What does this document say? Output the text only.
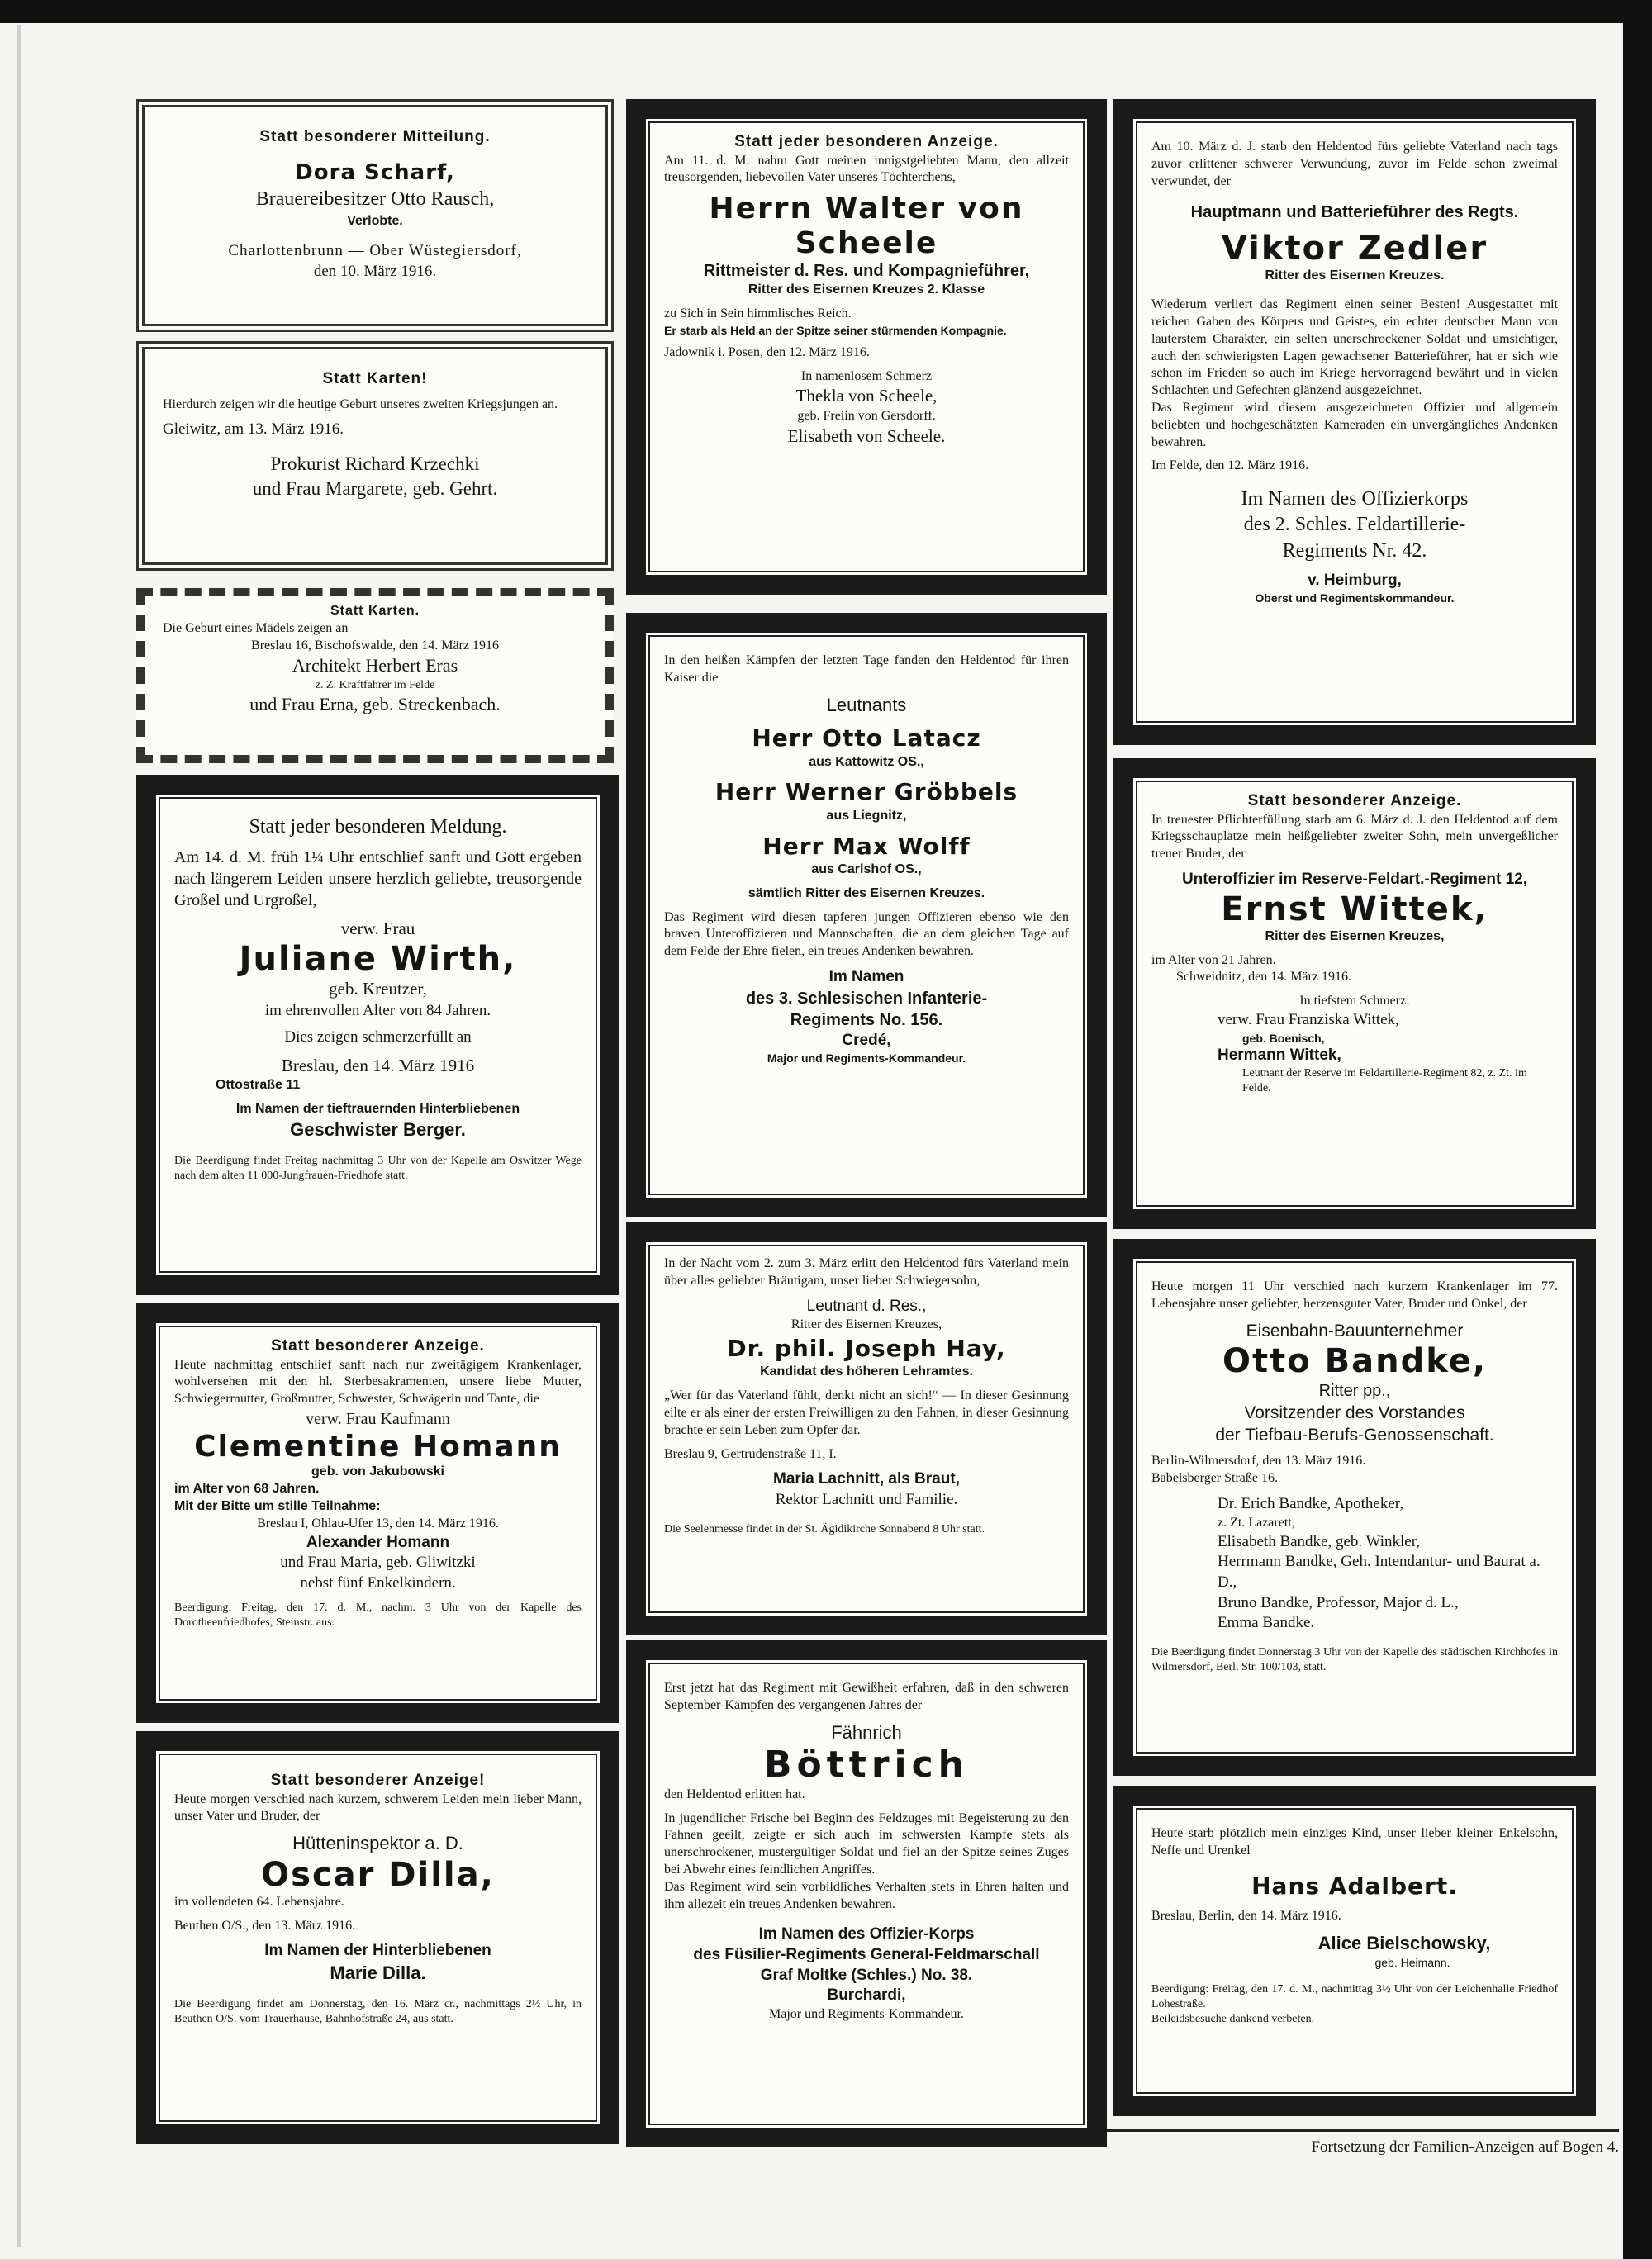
Statt besonderer Mitteilung.

Dora Scharf,

Brauereibesitzer Otto Rausch,

Verlobte.

Charlottenbrunn — Ober Wüstegiersdorf,

den 10. März 1916.

Statt Karten!

Hierdurch zeigen wir die heutige Geburt unseres zweiten Kriegsjungen an.

Gleiwitz, am 13. März 1916.

Prokurist Richard Krzechki

und Frau Margarete, geb. Gehrt.

Statt Karten.

Die Geburt eines Mädels zeigen an

Breslau 16, Bischofswalde, den 14. März 1916

Architekt Herbert Eras

z. Z. Kraftfahrer im Felde

und Frau Erna, geb. Streckenbach.

Statt jeder besonderen Meldung.

Am 14. d. M. früh 1¼ Uhr entschlief sanft und Gott ergeben nach längerem Leiden unsere herzlich geliebte, treusorgende Großel und Urgroßel,

verw. Frau

Juliane Wirth,

geb. Kreutzer,

im ehrenvollen Alter von 84 Jahren.

Dies zeigen schmerzerfüllt an

Breslau, den 14. März 1916

Ottostraße 11

Im Namen der tieftrauernden Hinterbliebenen

Geschwister Berger.

Die Beerdigung findet Freitag nachmittag 3 Uhr von der Kapelle am Oswitzer Wege nach dem alten 11 000-Jungfrauen-Friedhofe statt.

Statt besonderer Anzeige.

Heute nachmittag entschlief sanft nach nur zweitägigem Krankenlager, wohlversehen mit den hl. Sterbesakramenten, unsere liebe Mutter, Schwiegermutter, Großmutter, Schwester, Schwägerin und Tante, die

verw. Frau Kaufmann

Clementine Homann

geb. von Jakubowski

im Alter von 68 Jahren.

Mit der Bitte um stille Teilnahme:

Breslau I, Ohlau-Ufer 13, den 14. März 1916.

Alexander Homann

und Frau Maria, geb. Gliwitzki

nebst fünf Enkelkindern.

Beerdigung: Freitag, den 17. d. M., nachm. 3 Uhr von der Kapelle des Dorotheenfriedhofes, Steinstr. aus.

Statt besonderer Anzeige!

Heute morgen verschied nach kurzem, schwerem Leiden mein lieber Mann, unser Vater und Bruder, der

Hütteninspektor a. D.

Oscar Dilla,

im vollendeten 64. Lebensjahre.

Beuthen O/S., den 13. März 1916.

Im Namen der Hinterbliebenen

Marie Dilla.

Die Beerdigung findet am Donnerstag, den 16. März cr., nachmittags 2½ Uhr, in Beuthen O/S. vom Trauerhause, Bahnhofstraße 24, aus statt.

Statt jeder besonderen Anzeige.

Am 11. d. M. nahm Gott meinen innigstgeliebten Mann, den allzeit treusorgenden, liebevollen Vater unseres Töchterchens,

Herrn Walter von Scheele

Rittmeister d. Res. und Kompagnieführer,

Ritter des Eisernen Kreuzes 2. Klasse

zu Sich in Sein himmlisches Reich.

Er starb als Held an der Spitze seiner stürmenden Kompagnie.

Jadownik i. Posen, den 12. März 1916.

In namenlosem Schmerz

Thekla von Scheele,

geb. Freiin von Gersdorff.

Elisabeth von Scheele.

In den heißen Kämpfen der letzten Tage fanden den Heldentod für ihren Kaiser die

Leutnants

Herr Otto Latacz

aus Kattowitz OS.,

Herr Werner Gröbbels

aus Liegnitz,

Herr Max Wolff

aus Carlshof OS.,

sämtlich Ritter des Eisernen Kreuzes.

Das Regiment wird diesen tapferen jungen Offizieren ebenso wie den braven Unteroffizieren und Mannschaften, die an dem gleichen Tage auf dem Felde der Ehre fielen, ein treues Andenken bewahren.

Im Namen

des 3. Schlesischen Infanterie-

Regiments No. 156.

Credé,

Major und Regiments-Kommandeur.

In der Nacht vom 2. zum 3. März erlitt den Heldentod fürs Vaterland mein über alles geliebter Bräutigam, unser lieber Schwiegersohn,

Leutnant d. Res.,

Ritter des Eisernen Kreuzes,

Dr. phil. Joseph Hay,

Kandidat des höheren Lehramtes.

„Wer für das Vaterland fühlt, denkt nicht an sich!“ — In dieser Gesinnung eilte er als einer der ersten Freiwilligen zu den Fahnen, in dieser Gesinnung brachte er sein Leben zum Opfer dar.

Breslau 9, Gertrudenstraße 11, I.

Maria Lachnitt, als Braut,

Rektor Lachnitt und Familie.

Die Seelenmesse findet in der St. Ägidikirche Sonnabend 8 Uhr statt.

Erst jetzt hat das Regiment mit Gewißheit erfahren, daß in den schweren September-Kämpfen des vergangenen Jahres der

Fähnrich

Böttrich

den Heldentod erlitten hat.

In jugendlicher Frische bei Beginn des Feldzuges mit Begeisterung zu den Fahnen geeilt, zeigte er sich auch im schwersten Kampfe stets als unerschrockener, mustergültiger Soldat und fiel an der Spitze seines Zuges bei Abwehr eines feindlichen Angriffes.

Das Regiment wird sein vorbildliches Verhalten stets in Ehren halten und ihm allezeit ein treues Andenken bewahren.

Im Namen des Offizier-Korps

des Füsilier-Regiments General-Feldmarschall

Graf Moltke (Schles.) No. 38.

Burchardi,

Major und Regiments-Kommandeur.

Am 10. März d. J. starb den Heldentod fürs geliebte Vaterland nach tags zuvor erlittener schwerer Verwundung, zuvor im Felde schon zweimal verwundet, der

Hauptmann und Batterieführer des Regts.

Viktor Zedler

Ritter des Eisernen Kreuzes.

Wiederum verliert das Regiment einen seiner Besten! Ausgestattet mit reichen Gaben des Körpers und Geistes, ein echter deutscher Mann von lauterstem Charakter, ein selten unerschrockener Soldat und umsichtiger, auch den schwierigsten Lagen gewachsener Batterieführer, hat er sich wie schon im Frieden so auch im Kriege hervorragend bewährt und in vielen Schlachten und Gefechten glänzend ausgezeichnet.

Das Regiment wird diesem ausgezeichneten Offizier und allgemein beliebten und hochgeschätzten Kameraden ein unvergängliches Andenken bewahren.

Im Felde, den 12. März 1916.

Im Namen des Offizierkorps

des 2. Schles. Feldartillerie-

Regiments Nr. 42.

v. Heimburg,

Oberst und Regimentskommandeur.

Statt besonderer Anzeige.

In treuester Pflichterfüllung starb am 6. März d. J. den Heldentod auf dem Kriegsschauplatze mein heißgeliebter zweiter Sohn, mein unvergeßlicher treuer Bruder, der

Unteroffizier im Reserve-Feldart.-Regiment 12,

Ernst Wittek,

Ritter des Eisernen Kreuzes,

im Alter von 21 Jahren.

Schweidnitz, den 14. März 1916.

In tiefstem Schmerz:

verw. Frau Franziska Wittek,

geb. Boenisch,

Hermann Wittek,

Leutnant der Reserve im Feldartillerie-Regiment 82, z. Zt. im Felde.

Heute morgen 11 Uhr verschied nach kurzem Krankenlager im 77. Lebensjahre unser geliebter, herzensguter Vater, Bruder und Onkel, der

Eisenbahn-Bauunternehmer

Otto Bandke,

Ritter pp.,

Vorsitzender des Vorstandes

der Tiefbau-Berufs-Genossenschaft.

Berlin-Wilmersdorf, den 13. März 1916.

Babelsberger Straße 16.

Dr. Erich Bandke, Apotheker,

z. Zt. Lazarett,

Elisabeth Bandke, geb. Winkler,

Herrmann Bandke, Geh. Intendantur- und Baurat a. D.,

Bruno Bandke, Professor, Major d. L.,

Emma Bandke.

Die Beerdigung findet Donnerstag 3 Uhr von der Kapelle des städtischen Kirchhofes in Wilmersdorf, Berl. Str. 100/103, statt.

Heute starb plötzlich mein einziges Kind, unser lieber kleiner Enkelsohn, Neffe und Urenkel

Hans Adalbert.

Breslau, Berlin, den 14. März 1916.

Alice Bielschowsky,

geb. Heimann.

Beerdigung: Freitag, den 17. d. M., nachmittag 3½ Uhr von der Leichenhalle Friedhof Lohestraße.

Beileidsbesuche dankend verbeten.

Fortsetzung der Familien-Anzeigen auf Bogen 4.
